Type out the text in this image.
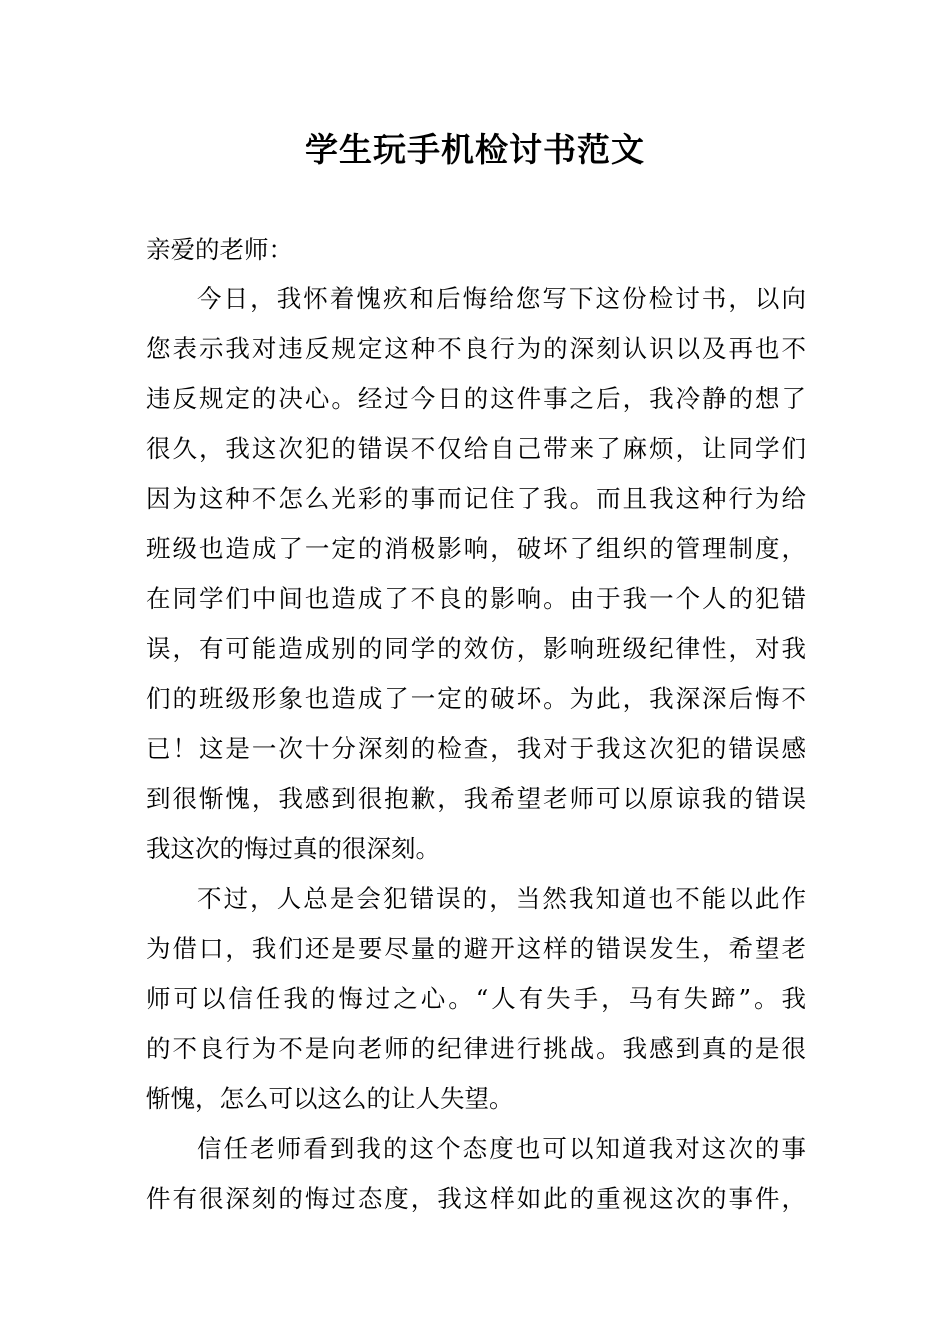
学生玩手机检讨书范文

亲爱的老师：

今日，我怀着愧疚和后悔给您写下这份检讨书，以向
您表示我对违反规定这种不良行为的深刻认识以及再也不
违反规定的决心。经过今日的这件事之后，我冷静的想了
很久，我这次犯的错误不仅给自己带来了麻烦，让同学们
因为这种不怎么光彩的事而记住了我。而且我这种行为给
班级也造成了一定的消极影响，破坏了组织的管理制度，
在同学们中间也造成了不良的影响。由于我一个人的犯错
误，有可能造成别的同学的效仿，影响班级纪律性，对我
们的班级形象也造成了一定的破坏。为此，我深深后悔不
已！这是一次十分深刻的检查，我对于我这次犯的错误感
到很惭愧，我感到很抱歉，我希望老师可以原谅我的错误
我这次的悔过真的很深刻。
不过，人总是会犯错误的，当然我知道也不能以此作
为借口，我们还是要尽量的避开这样的错误发生，希望老
师可以信任我的悔过之心。“人有失手，马有失蹄”。我
的不良行为不是向老师的纪律进行挑战。我感到真的是很
惭愧，怎么可以这么的让人失望。
信任老师看到我的这个态度也可以知道我对这次的事
件有很深刻的悔过态度，我这样如此的重视这次的事件，
